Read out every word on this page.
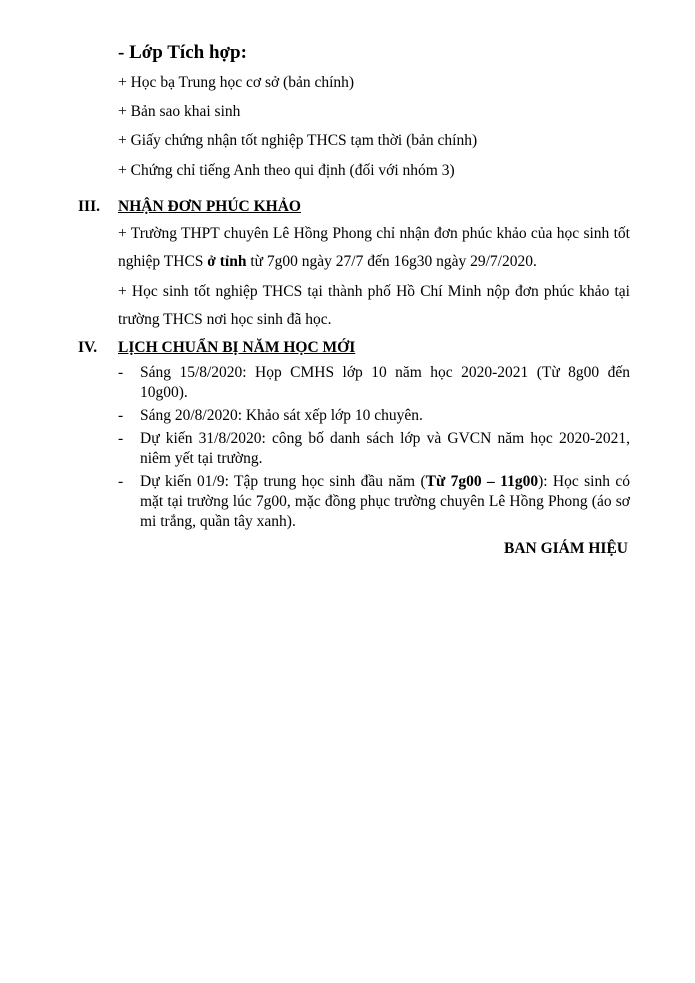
- Lớp Tích hợp:
+ Học bạ Trung học cơ sở (bản chính)
+ Bản sao khai sinh
+ Giấy chứng nhận tốt nghiệp THCS tạm thời (bản chính)
+ Chứng chỉ tiếng Anh theo qui định (đối với nhóm 3)
III. NHẬN ĐƠN PHÚC KHẢO
+ Trường THPT chuyên Lê Hồng Phong chỉ nhận đơn phúc khảo của học sinh tốt nghiệp THCS ở tỉnh từ 7g00 ngày 27/7 đến 16g30 ngày 29/7/2020.
+ Học sinh tốt nghiệp THCS tại thành phố Hồ Chí Minh nộp đơn phúc khảo tại trường THCS nơi học sinh đã học.
IV. LỊCH CHUẨN BỊ NĂM HỌC MỚI
- Sáng 15/8/2020: Họp CMHS lớp 10 năm học 2020-2021 (Từ 8g00 đến 10g00).
- Sáng 20/8/2020: Khảo sát xếp lớp 10 chuyên.
- Dự kiến 31/8/2020: công bố danh sách lớp và GVCN năm học 2020-2021, niêm yết tại trường.
- Dự kiến 01/9: Tập trung học sinh đầu năm (Từ 7g00 – 11g00): Học sinh có mặt tại trường lúc 7g00, mặc đồng phục trường chuyên Lê Hồng Phong (áo sơ mi trắng, quần tây xanh).
BAN GIÁM HIỆU
